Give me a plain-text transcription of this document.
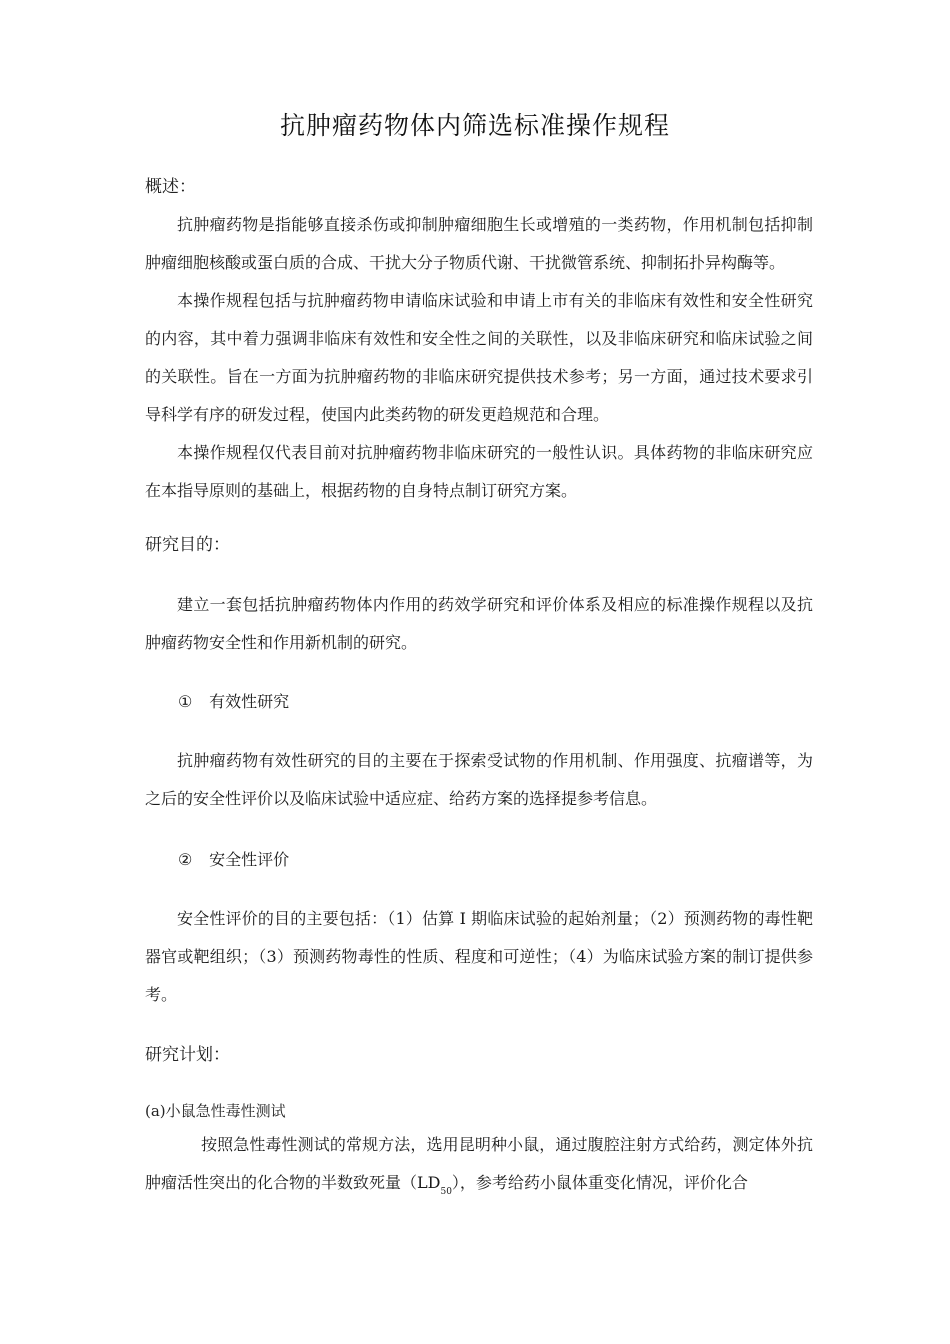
抗肿瘤药物体内筛选标准操作规程
概述：

抗肿瘤药物是指能够直接杀伤或抑制肿瘤细胞生长或增殖的一类药物，作用机制包括抑制肿瘤细胞核酸或蛋白质的合成、干扰大分子物质代谢、干扰微管系统、抑制拓扑异构酶等。

本操作规程包括与抗肿瘤药物申请临床试验和申请上市有关的非临床有效性和安全性研究的内容，其中着力强调非临床有效性和安全性之间的关联性，以及非临床研究和临床试验之间的关联性。旨在一方面为抗肿瘤药物的非临床研究提供技术参考；另一方面，通过技术要求引导科学有序的研发过程，使国内此类药物的研发更趋规范和合理。

本操作规程仅代表目前对抗肿瘤药物非临床研究的一般性认识。具体药物的非临床研究应在本指导原则的基础上，根据药物的自身特点制订研究方案。

研究目的：

建立一套包括抗肿瘤药物体内作用的药效学研究和评价体系及相应的标准操作规程以及抗肿瘤药物安全性和作用新机制的研究。

① 有效性研究

抗肿瘤药物有效性研究的目的主要在于探索受试物的作用机制、作用强度、抗瘤谱等，为之后的安全性评价以及临床试验中适应症、给药方案的选择提参考信息。

② 安全性评价

安全性评价的目的主要包括：（1）估算 I 期临床试验的起始剂量；（2）预测药物的毒性靶器官或靶组织；（3）预测药物毒性的性质、程度和可逆性；（4）为临床试验方案的制订提供参考。

研究计划：
(a)小鼠急性毒性测试

按照急性毒性测试的常规方法，选用昆明种小鼠，通过腹腔注射方式给药，测定体外抗肿瘤活性突出的化合物的半数致死量$(LD_{50})$，参考给药小鼠体重变化情况，评价化合
